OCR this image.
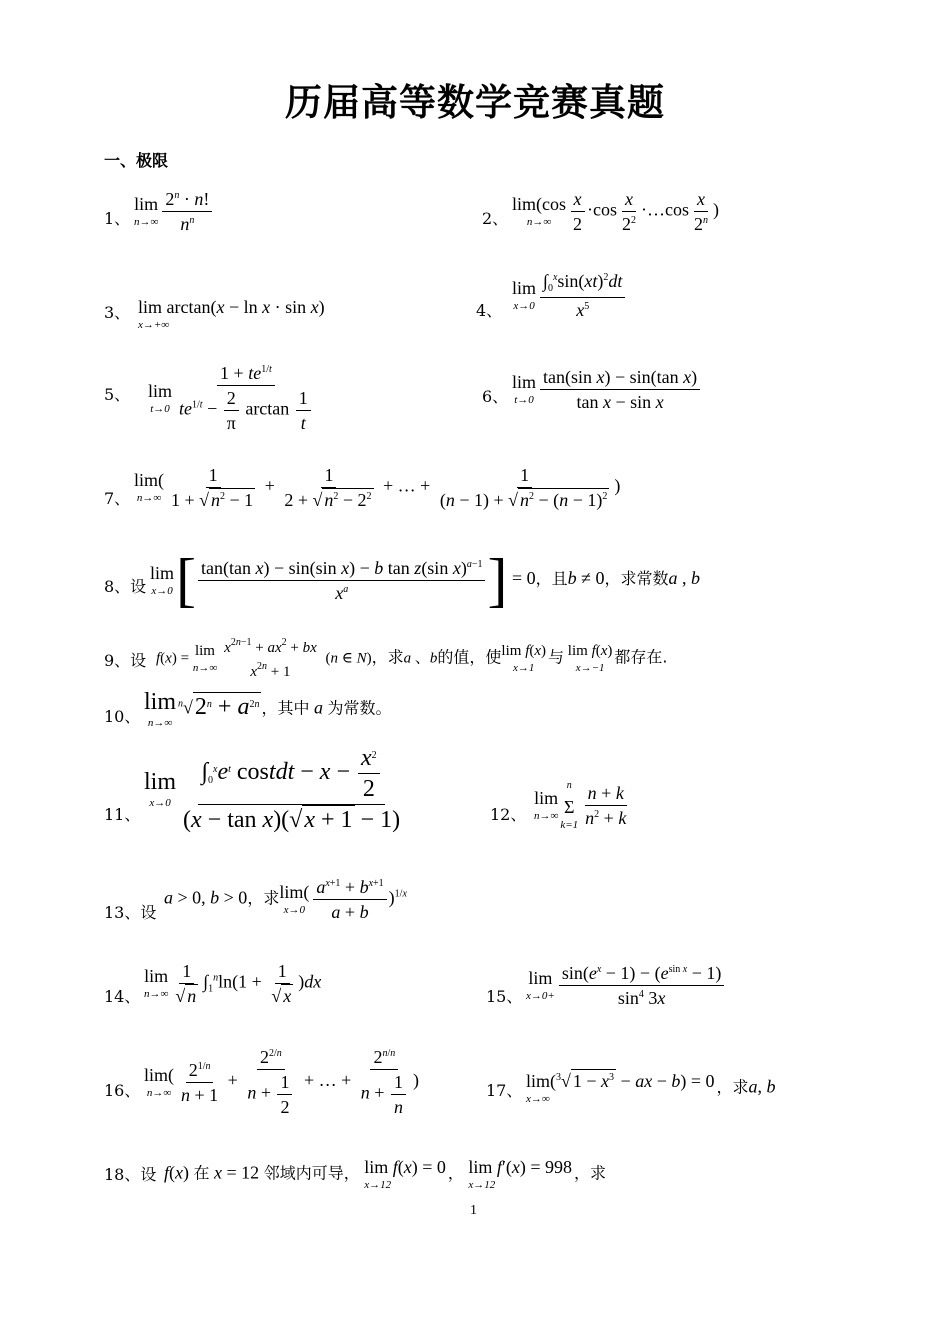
历届高等数学竞赛真题
一、极限
1、
lim
$n\to\infty \frac{2^n \cdot n!}{n^n}$	2、
lim(cos
$n\to\infty \frac{x}{2} \cdot\cos \frac{x}{2^2}$ ·…cos $\frac{x}{2^n}$ )
3、 lim arctan(x − ln x · sin x)
x→+∞
4、
lim
$x\to 0 \frac{\int_0^x\sin(xt)^2dt}{x^5}$
5、 lim
$t\to 0 \frac{1 + te^{1/t}}{te^{1/t} - \frac{2}{\pi} \arctan \frac{1}{t}}$	6、
lim
$t\to 0 \frac{\text{tan(sin x) − sin(tan x)}}{\text{tan x − sin x}}$
7、
lim(
$n\to\infty \frac{1}{1 + √ n^2 - 1} + \frac{1}{2 + √ n^2 - 2^2}$ + … + $\frac{1}{(n - 1) + √ n^2 - (n - 1)^2}$ )
8、设
lim
x→0 [ $\frac{\tan(\tan x) - \sin(\sin x) - b \tan z(\sin x)^{a-1}}{x^a}$ ] = 0，且b ≠ 0，求常数a , b
9、设 f(x) = lim
n→∞
$x^{2n-1} + ax^2$ + bx
$x^{2n} + 1$
(n ∈ N)，求a 、b的值，使 lim f(x)
x→1
与 lim f(x)
x→−1
都存在.
10、
lim
n→∞
$^n√2^n + a^{2n}$ ，其中 a 为常数。
11、
lim
$x\to 0 \frac{\int_0^xe^t costdt - x - \frac{x^2}{2}}{\text{(x − tan x)(√x + 1 − 1)}}$	12、
lim
n→∞
$^n$
Σ
$k=1 \frac{n + k}{n^2 + k}$
13、设
a > 0, b > 0，求 lim(
$x\to 0 \frac{a^{x+1} + b^{x+1}}{a + b} )^{1/x}$
14、
lim
$n\to\infty \frac{1}{√ n} \int_1^n\ln(1 + \frac{1}{√ x} )dx$
15、
lim
$x\to 0+ \frac{\sin(e^x - 1) - (e^{sin x} - 1)}{\sin^4 3x}$
16、
lim(
$n\to\infty \frac{2^{1/n}}{n + 1} + \frac{2^{2/n}}{n + \frac{1}{2}}$ + … + $\frac{2^{n/n}}{n + \frac{1}{n}}$ )
17、 lim($^3$√ $1 - x^3$ − ax − b) = 0
x→∞
，求a, b
18、设 f(x) 在 x = 12 邻域内可导， lim f(x) = 0
x→12
， lim f′(x) = 998
x→12
，求
1
